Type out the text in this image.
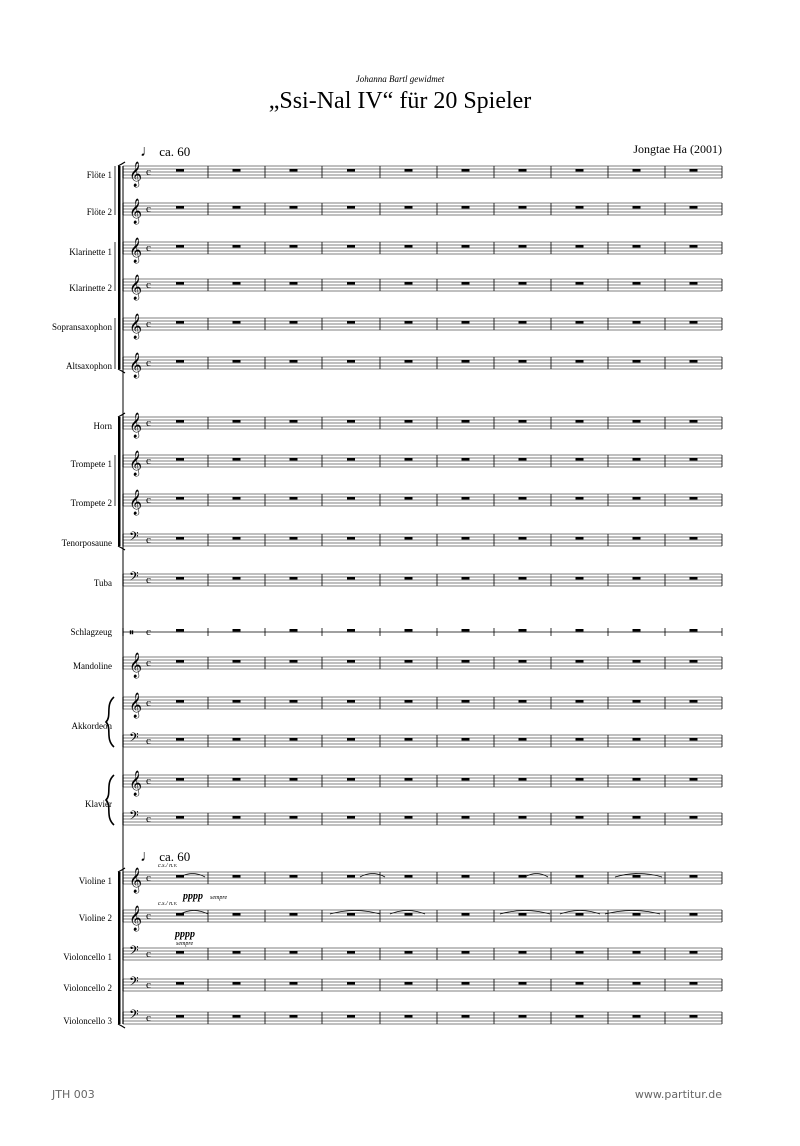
Johanna Bartl gewidmet
„Ssi-Nal IV“ für 20 Spieler
Jongtae Ha (2001)
♩ ca. 60
♩ ca. 60
Flöte 1
Flöte 2
Klarinette 1
Klarinette 2
Sopransaxophon
Altsaxophon
Horn
Trompete 1
Trompete 2
Tenorposaune
Tuba
Schlagzeug
Mandoline
Akkordeon
Klavier
Violine 1
Violine 2
Violoncello 1
Violoncello 2
Violoncello 3
c.s./ n.v.
pppp sempre
c.s./ n.v.
pppp
sempre
𝄞 c
𝄞 c
𝄞 c
𝄞 c
𝄞 c
𝄞 c
𝄞 c
𝄞 c
𝄞 c
𝄢 c
𝄢 c
𝄥 c
𝄞 c
𝄞 c
𝄢 c
𝄞 c
𝄢 c
𝄞 c
𝄞 c
𝄢 c
𝄢 c
𝄢 c
JTH 003	www.partitur.de
